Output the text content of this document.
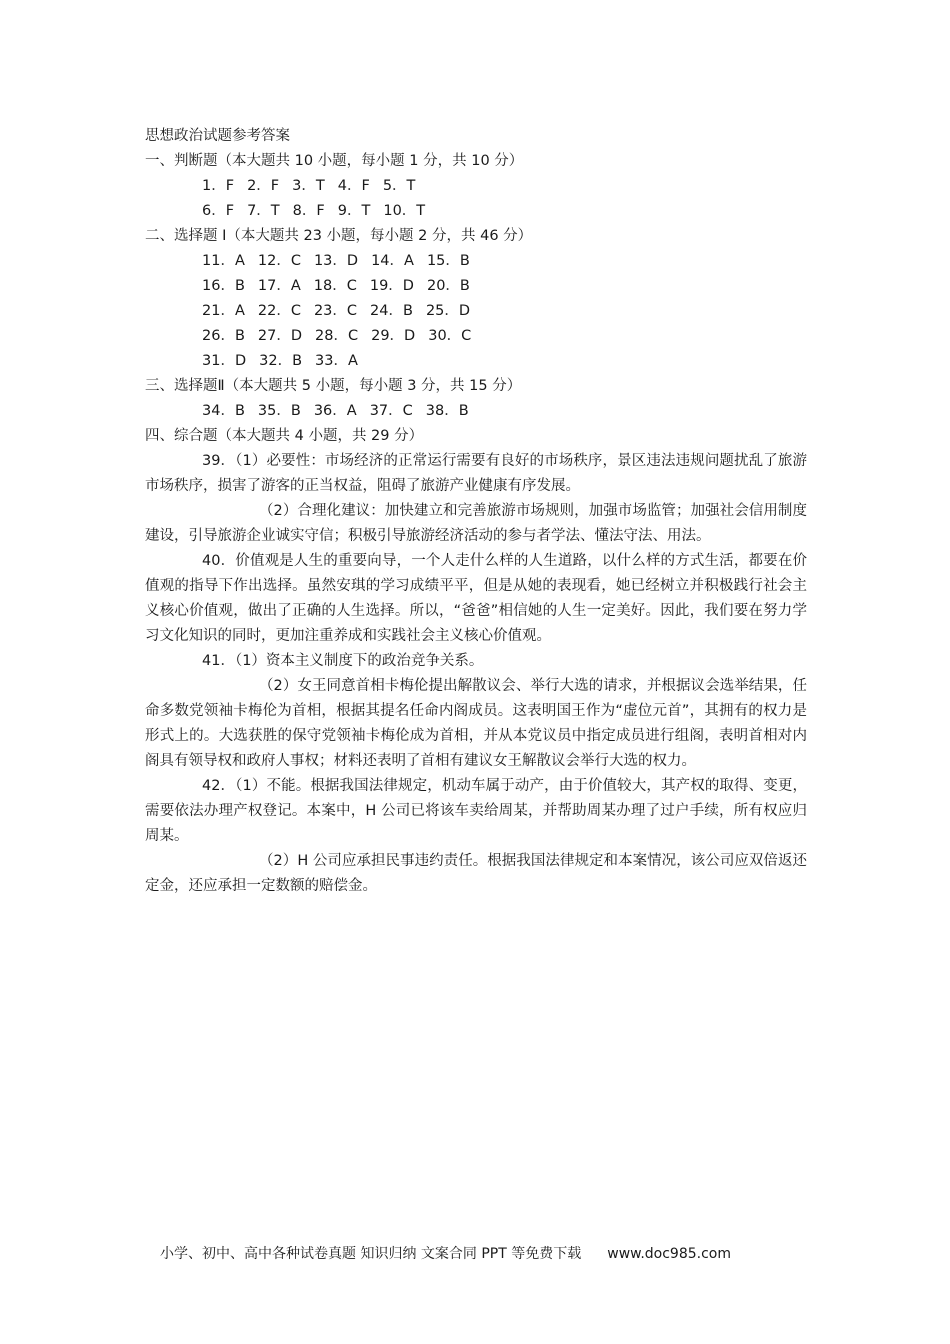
思想政治试题参考答案
一、判断题（本大题共 10 小题，每小题 1 分，共 10 分）
1．F 2．F 3．T 4．F 5．T
6．F 7．T 8．F 9．T 10．T
二、选择题 I（本大题共 23 小题，每小题 2 分，共 46 分）
11．A 12．C 13．D 14．A 15．B
16．B 17．A 18．C 19．D 20．B
21．A 22．C 23．C 24．B 25．D
26．B 27．D 28．C 29．D 30．C
31．D 32．B 33．A
三、选择题Ⅱ（本大题共 5 小题，每小题 3 分，共 15 分）
34．B 35．B 36．A 37．C 38．B
四、综合题（本大题共 4 小题，共 29 分）
39．（1）必要性：市场经济的正常运行需要有良好的市场秩序，景区违法违规问题扰乱了旅游市场秩序，损害了游客的正当权益，阻碍了旅游产业健康有序发展。
（2）合理化建议：加快建立和完善旅游市场规则，加强市场监管；加强社会信用制度建设，引导旅游企业诚实守信；积极引导旅游经济活动的参与者学法、懂法守法、用法。
40．价值观是人生的重要向导，一个人走什么样的人生道路，以什么样的方式生活，都要在价值观的指导下作出选择。虽然安琪的学习成绩平平，但是从她的表现看，她已经树立并积极践行社会主义核心价值观，做出了正确的人生选择。所以，“爸爸”相信她的人生一定美好。因此，我们要在努力学习文化知识的同时，更加注重养成和实践社会主义核心价值观。
41．（1）资本主义制度下的政治竞争关系。
（2）女王同意首相卡梅伦提出解散议会、举行大选的请求，并根据议会选举结果，任命多数党领袖卡梅伦为首相，根据其提名任命内阁成员。这表明国王作为“虚位元首”，其拥有的权力是形式上的。大选获胜的保守党领袖卡梅伦成为首相，并从本党议员中指定成员进行组阁，表明首相对内阁具有领导权和政府人事权；材料还表明了首相有建议女王解散议会举行大选的权力。
42．（1）不能。根据我国法律规定，机动车属于动产，由于价值较大，其产权的取得、变更，需要依法办理产权登记。本案中，H 公司已将该车卖给周某，并帮助周某办理了过户手续，所有权应归周某。
（2）H 公司应承担民事违约责任。根据我国法律规定和本案情况，该公司应双倍返还定金，还应承担一定数额的赔偿金。
小学、初中、高中各种试卷真题 知识归纳 文案合同 PPT 等免费下载 www.doc985.com
